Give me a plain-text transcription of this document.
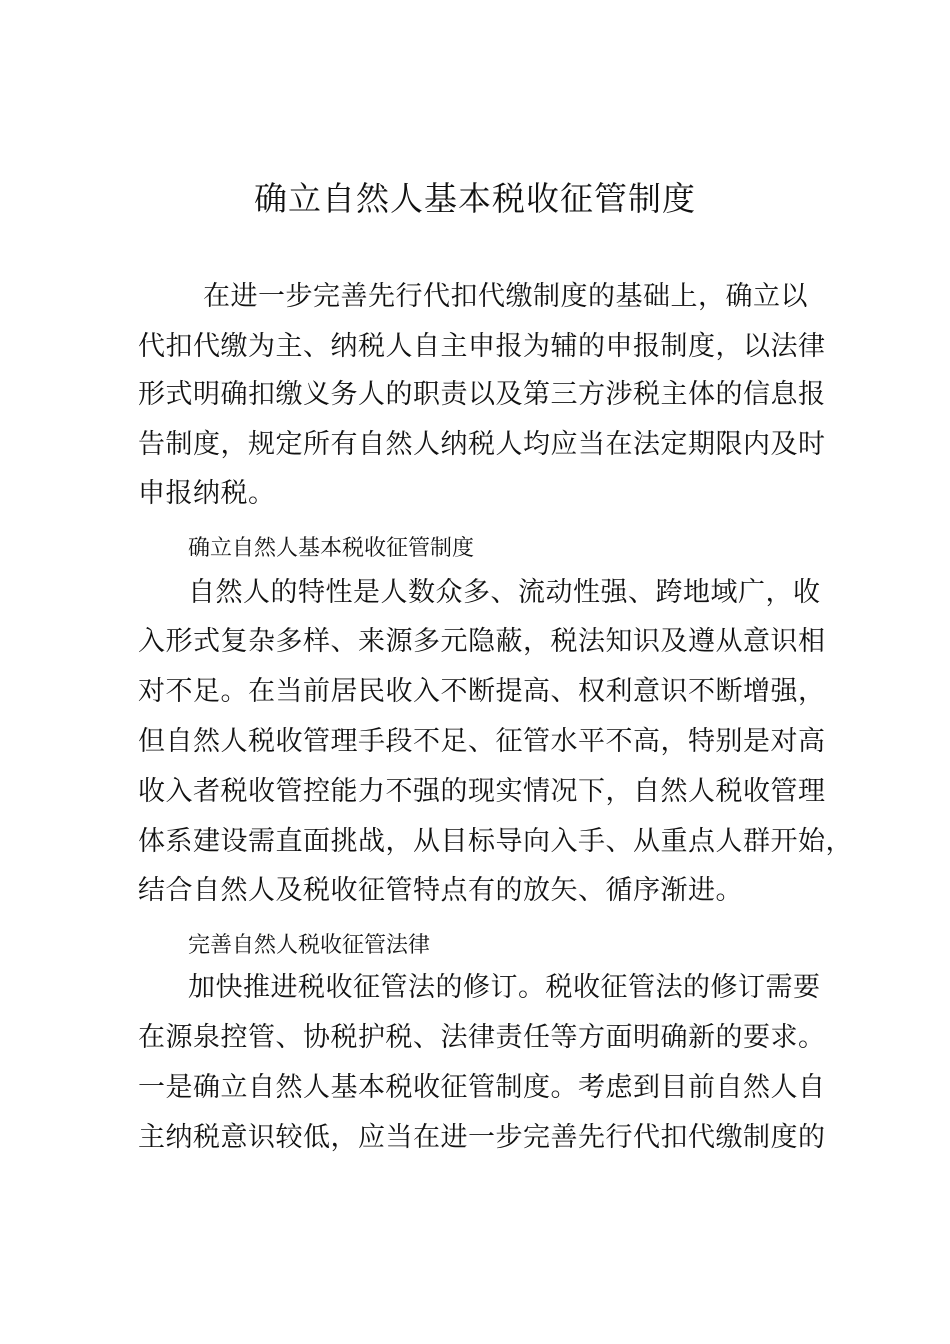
确立自然人基本税收征管制度
在进一步完善先行代扣代缴制度的基础上，确立以
代扣代缴为主、纳税人自主申报为辅的申报制度，以法律
形式明确扣缴义务人的职责以及第三方涉税主体的信息报
告制度，规定所有自然人纳税人均应当在法定期限内及时
申报纳税。
确立自然人基本税收征管制度
自然人的特性是人数众多、流动性强、跨地域广，收
入形式复杂多样、来源多元隐蔽，税法知识及遵从意识相
对不足。在当前居民收入不断提高、权利意识不断增强，
但自然人税收管理手段不足、征管水平不高，特别是对高
收入者税收管控能力不强的现实情况下，自然人税收管理
体系建设需直面挑战，从目标导向入手、从重点人群开始，
结合自然人及税收征管特点有的放矢、循序渐进。
完善自然人税收征管法律
加快推进税收征管法的修订。税收征管法的修订需要
在源泉控管、协税护税、法律责任等方面明确新的要求。
一是确立自然人基本税收征管制度。考虑到目前自然人自
主纳税意识较低，应当在进一步完善先行代扣代缴制度的
